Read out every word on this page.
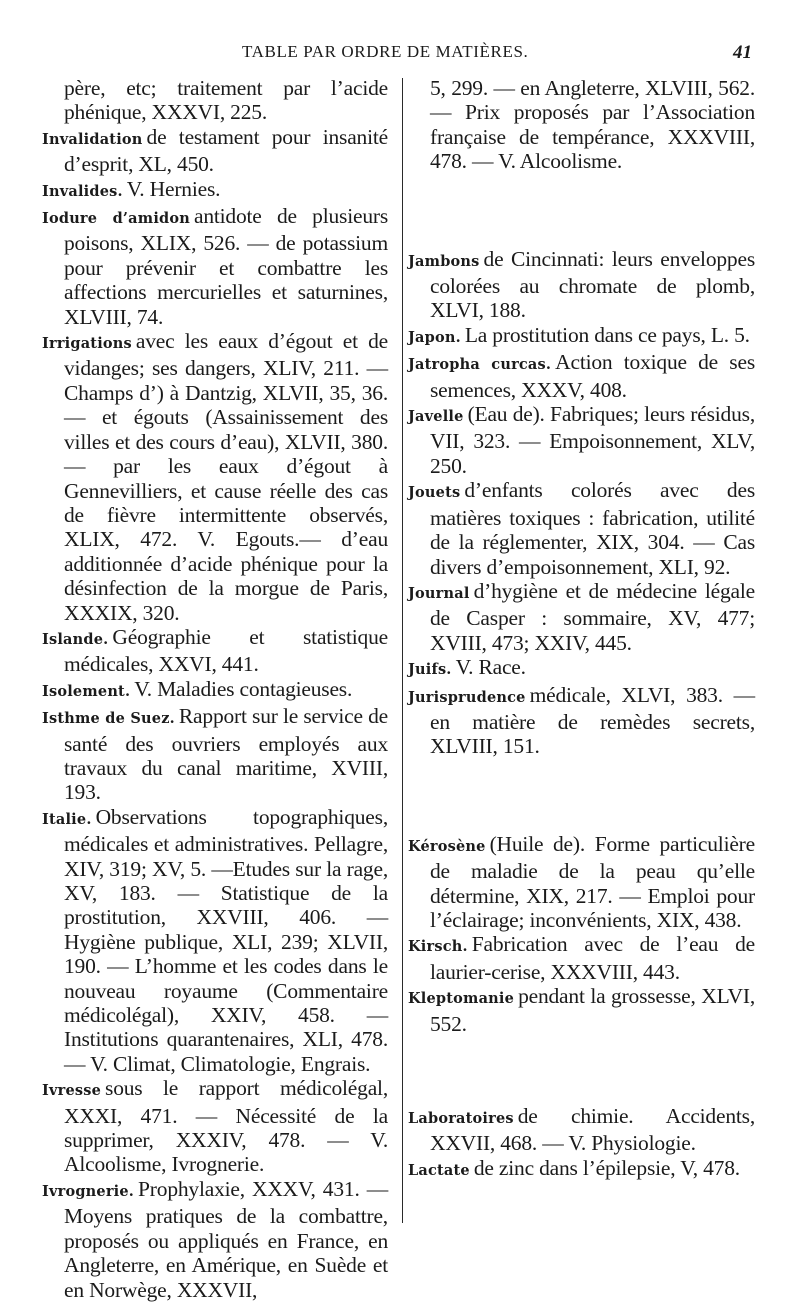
TABLE PAR ORDRE DE MATIÈRES.	41

père, etc; traitement par l’acide phénique, XXXVI, 225.

Invalidation de testament pour insanité d’esprit, XL, 450.

Invalides. V. Hernies.

Iodure d’amidon antidote de plusieurs poisons, XLIX, 526. — de potassium pour prévenir et combattre les affections mercurielles et saturnines, XLVIII, 74.

Irrigations avec les eaux d’égout et de vidanges; ses dangers, XLIV, 211. — Champs d’) à Dantzig, XLVII, 35, 36. — et égouts (Assainissement des villes et des cours d’eau), XLVII, 380. — par les eaux d’égout à Gennevilliers, et cause réelle des cas de fièvre intermittente observés, XLIX, 472. V. Egouts.— d’eau additionnée d’acide phénique pour la désinfection de la morgue de Paris, XXXIX, 320.

Islande. Géographie et statistique médicales, XXVI, 441.

Isolement. V. Maladies contagieuses.

Isthme de Suez. Rapport sur le service de santé des ouvriers employés aux travaux du canal maritime, XVIII, 193.

Italie. Observations topographiques, médicales et administratives. Pellagre, XIV, 319; XV, 5. —Etudes sur la rage, XV, 183. — Statistique de la prostitution, XXVIII, 406. — Hygiène publique, XLI, 239; XLVII, 190. — L’homme et les codes dans le nouveau royaume (Commentaire médicolégal), XXIV, 458. — Institutions quarantenaires, XLI, 478. — V. Climat, Climatologie, Engrais.

Ivresse sous le rapport médicolégal, XXXI, 471. — Nécessité de la supprimer, XXXIV, 478. — V. Alcoolisme, Ivrognerie.

Ivrognerie. Prophylaxie, XXXV, 431. — Moyens pratiques de la combattre, proposés ou appliqués en France, en Angleterre, en Amérique, en Suède et en Norwège, XXXVII,

5, 299. — en Angleterre, XLVIII, 562. — Prix proposés par l’Association française de tempérance, XXXVIII, 478. — V. Alcoolisme.

Jambons de Cincinnati: leurs enveloppes colorées au chromate de plomb, XLVI, 188.

Japon. La prostitution dans ce pays, L. 5.

Jatropha curcas. Action toxique de ses semences, XXXV, 408.

Javelle (Eau de). Fabriques; leurs résidus, VII, 323. — Empoisonnement, XLV, 250.

Jouets d’enfants colorés avec des matières toxiques : fabrication, utilité de la réglementer, XIX, 304. — Cas divers d’empoisonnement, XLI, 92.

Journal d’hygiène et de médecine légale de Casper : sommaire, XV, 477; XVIII, 473; XXIV, 445.

Juifs. V. Race.

Jurisprudence médicale, XLVI, 383. — en matière de remèdes secrets, XLVIII, 151.

Kérosène (Huile de). Forme particulière de maladie de la peau qu’elle détermine, XIX, 217. — Emploi pour l’éclairage; inconvénients, XIX, 438.

Kirsch. Fabrication avec de l’eau de laurier-cerise, XXXVIII, 443.

Kleptomanie pendant la grossesse, XLVI, 552.

Laboratoires de chimie. Accidents, XXVII, 468. — V. Physiologie.

Lactate de zinc dans l’épilepsie, V, 478.
